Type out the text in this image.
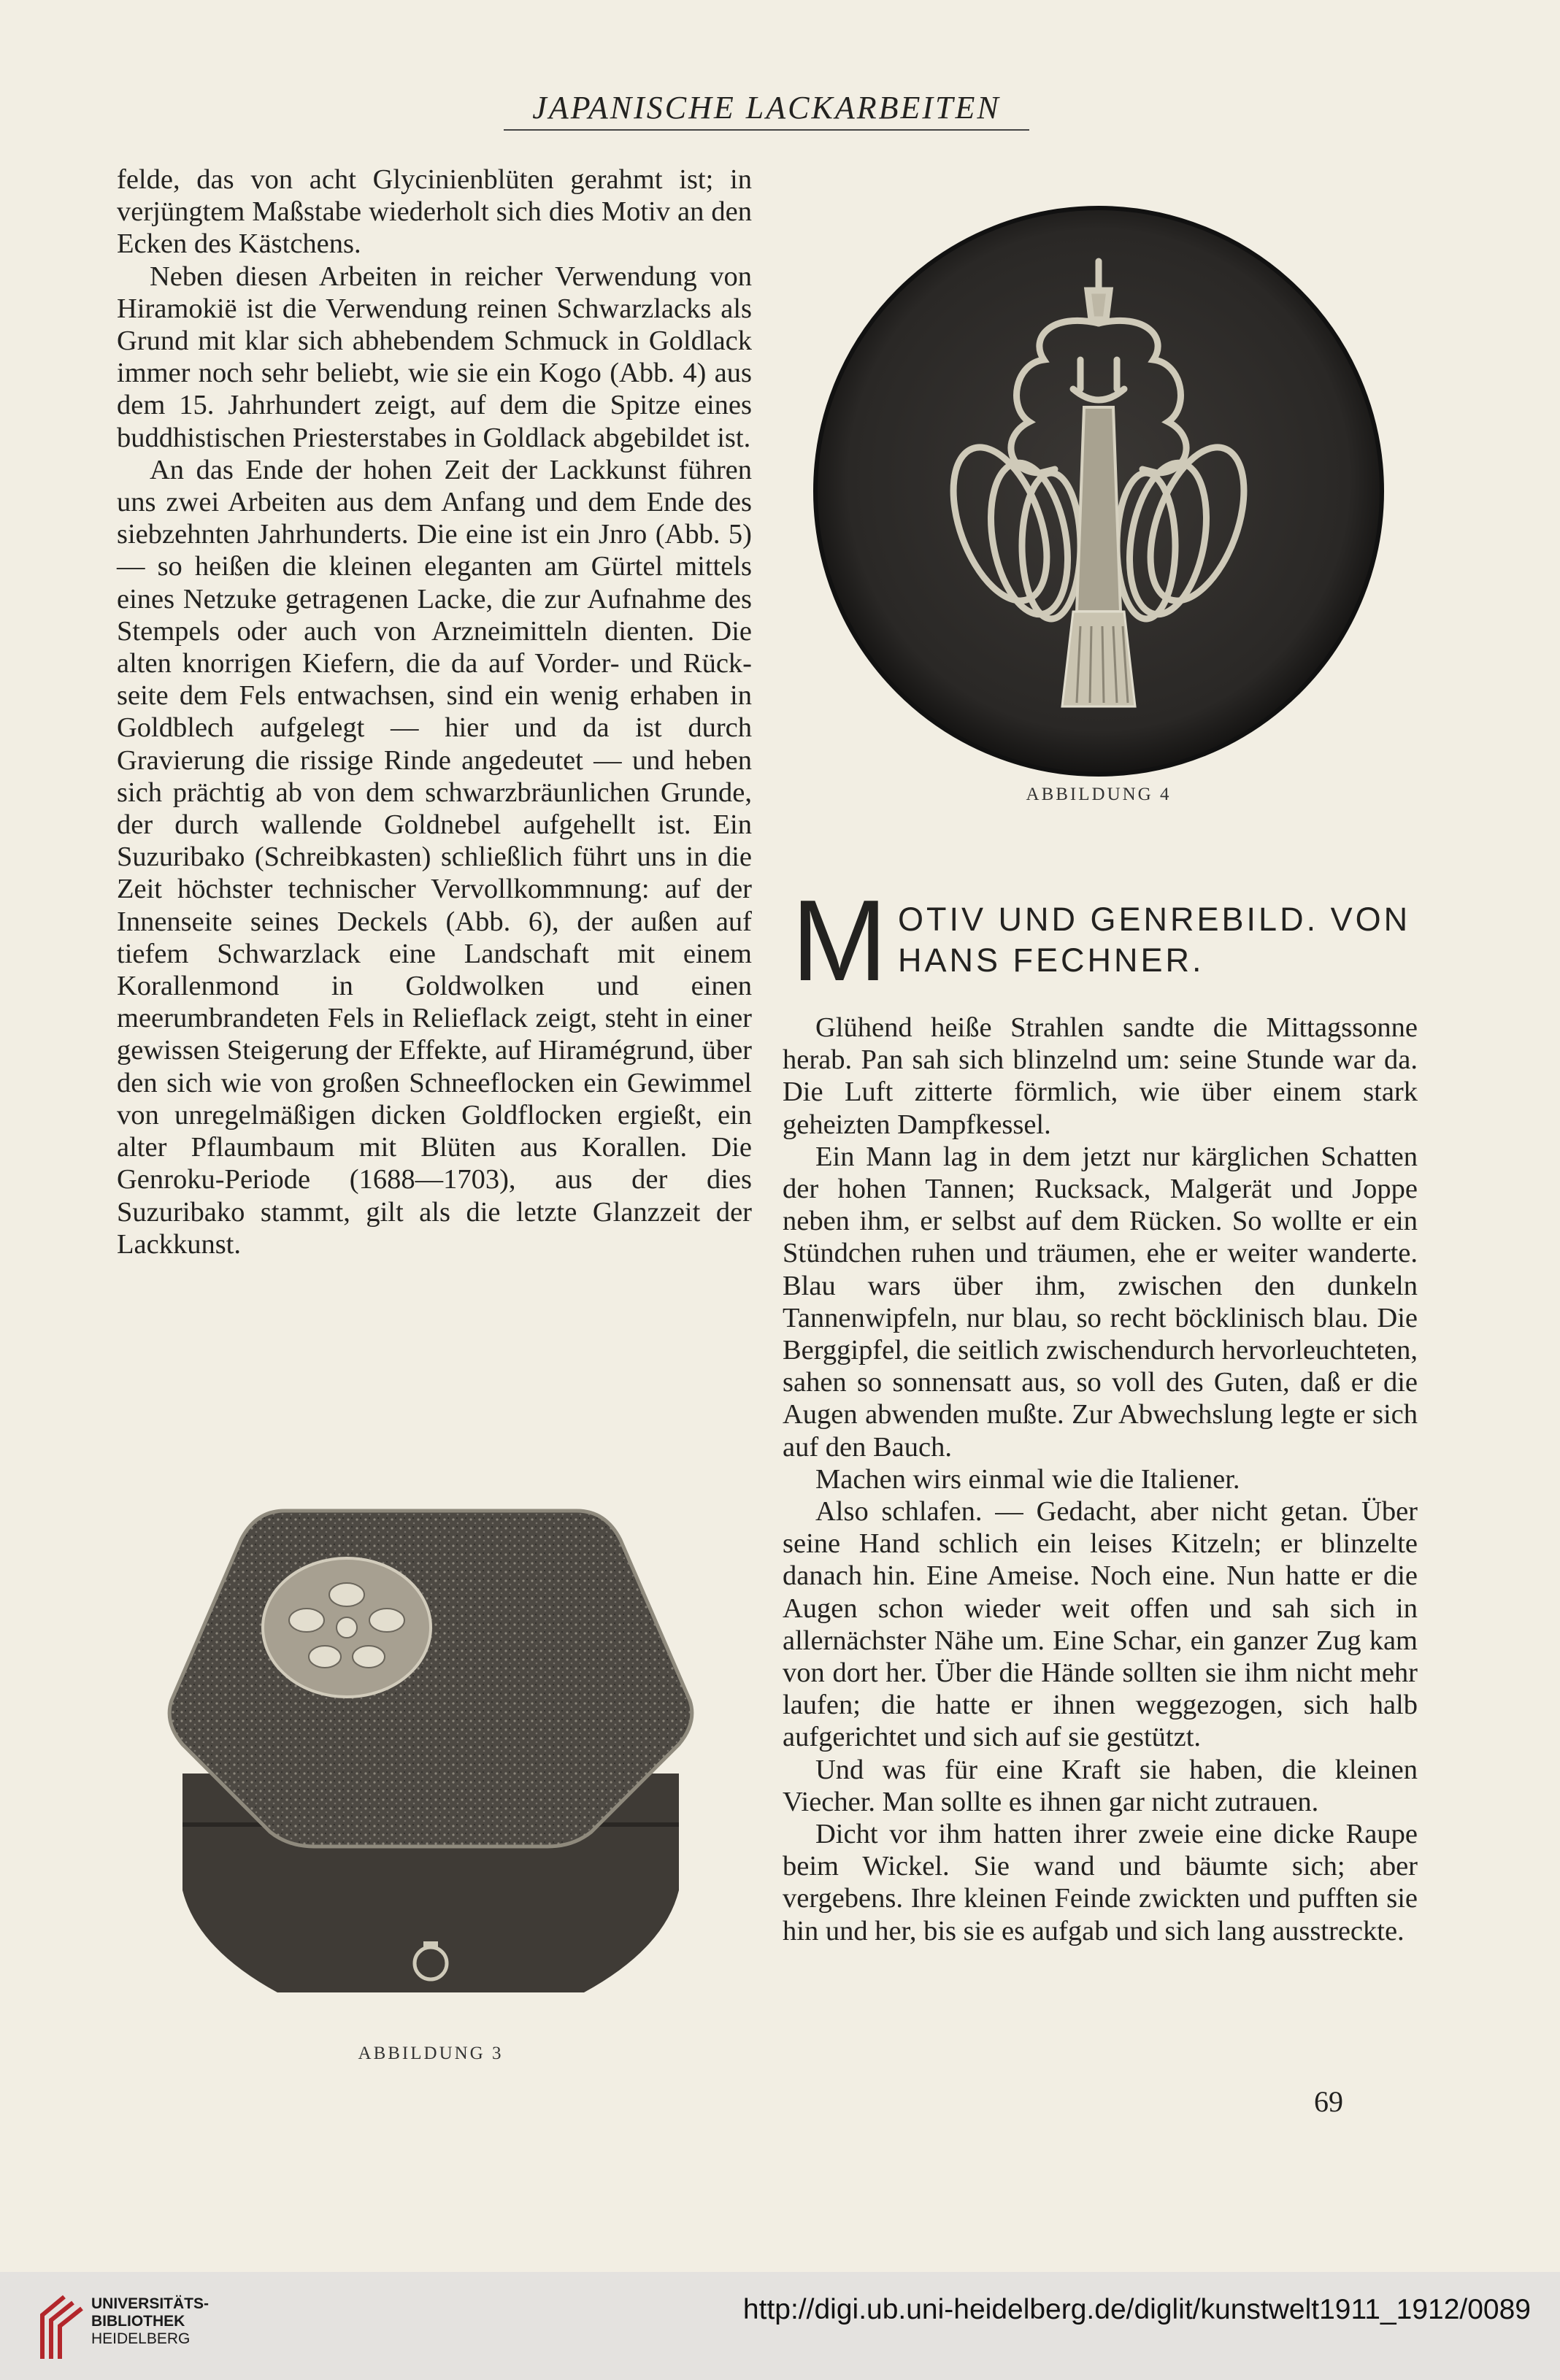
JAPANISCHE LACKARBEITEN

felde, das von acht Glycinienblüten gerahmt ist; in verjüngtem Maßstabe wiederholt sich dies Motiv an den Ecken des Kästchens.

Neben diesen Arbeiten in reicher Verwendung von Hiramokië ist die Verwendung reinen Schwarzlacks als Grund mit klar sich abhebendem Schmuck in Goldlack immer noch sehr beliebt, wie sie ein Kogo (Abb. 4) aus dem 15. Jahrhundert zeigt, auf dem die Spitze eines buddhistischen Priesterstabes in Goldlack abgebildet ist.

An das Ende der hohen Zeit der Lackkunst führen uns zwei Arbeiten aus dem Anfang und dem Ende des siebzehnten Jahrhunderts. Die eine ist ein Jnro (Abb. 5) — so heißen die kleinen eleganten am Gürtel mittels eines Netzuke getragenen Lacke, die zur Aufnahme des Stempels oder auch von Arzneimitteln dienten. Die alten knorrigen Kiefern, die da auf Vorder- und Rückseite dem Fels entwachsen, sind ein wenig erhaben in Goldblech aufgelegt — hier und da ist durch Gravierung die rissige Rinde angedeutet — und heben sich prächtig ab von dem schwarzbräunlichen Grunde, der durch wallende Goldnebel aufgehellt ist. Ein Suzuribako (Schreibkasten) schließlich führt uns in die Zeit höchster technischer Vervollkommnung: auf der Innenseite seines Deckels (Abb. 6), der außen auf tiefem Schwarzlack eine Landschaft mit einem Korallenmond in Goldwolken und einen meerumbrandeten Fels in Relieflack zeigt, steht in einer gewissen Steigerung der Effekte, auf Hiramégrund, über den sich wie von großen Schneeflocken ein Gewimmel von unregelmäßigen dicken Goldflocken ergießt, ein alter Pflaumbaum mit Blüten aus Korallen. Die Genroku-Periode (1688—1703), aus der dies Suzuribako stammt, gilt als die letzte Glanzzeit der Lackkunst.

ABBILDUNG 4
ABBILDUNG 3
M OTIV UND GENREBILD. VON
HANS FECHNER.

Glühend heiße Strahlen sandte die Mittagssonne herab. Pan sah sich blinzelnd um: seine Stunde war da. Die Luft zitterte förmlich, wie über einem stark geheizten Dampfkessel.

Ein Mann lag in dem jetzt nur kärglichen Schatten der hohen Tannen; Rucksack, Malgerät und Joppe neben ihm, er selbst auf dem Rücken. So wollte er ein Stündchen ruhen und träumen, ehe er weiter wanderte. Blau wars über ihm, zwischen den dunkeln Tannenwipfeln, nur blau, so recht böcklinisch blau. Die Berggipfel, die seitlich zwischendurch hervorleuchteten, sahen so sonnensatt aus, so voll des Guten, daß er die Augen abwenden mußte. Zur Abwechslung legte er sich auf den Bauch.

Machen wirs einmal wie die Italiener.

Also schlafen. — Gedacht, aber nicht getan. Über seine Hand schlich ein leises Kitzeln; er blinzelte danach hin. Eine Ameise. Noch eine. Nun hatte er die Augen schon wieder weit offen und sah sich in allernächster Nähe um. Eine Schar, ein ganzer Zug kam von dort her. Über die Hände sollten sie ihm nicht mehr laufen; die hatte er ihnen weggezogen, sich halb aufgerichtet und sich auf sie gestützt.

Und was für eine Kraft sie haben, die kleinen Viecher. Man sollte es ihnen gar nicht zutrauen.

Dicht vor ihm hatten ihrer zweie eine dicke Raupe beim Wickel. Sie wand und bäumte sich; aber vergebens. Ihre kleinen Feinde zwickten und pufften sie hin und her, bis sie es aufgab und sich lang ausstreckte.

69
UNIVERSITÄTS-
BIBLIOTHEK
HEIDELBERG
http://digi.ub.uni-heidelberg.de/diglit/kunstwelt1911_1912/0089
